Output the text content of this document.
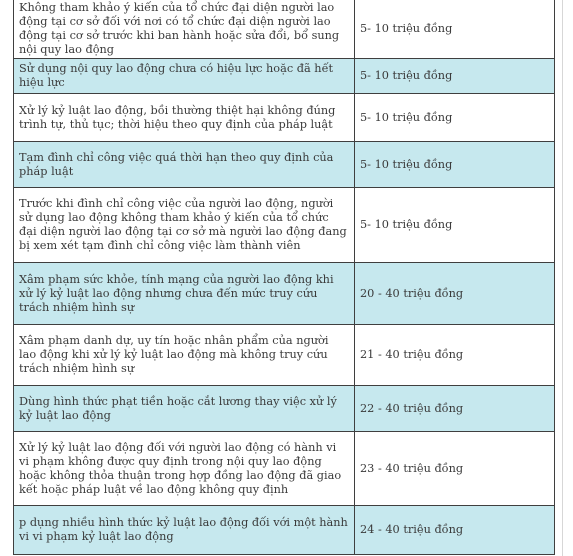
Không tham khảo ý kiến của tổ chức đại diện người lao động tại cơ sở đối với nơi có tổ chức đại diện người lao động tại cơ sở trước khi ban hành hoặc sửa đổi, bổ sung nội quy lao động	5- 10 triệu đồng
Sử dụng nội quy lao động chưa có hiệu lực hoặc đã hết hiệu lực	5- 10 triệu đồng
Xử lý kỷ luật lao động, bồi thường thiệt hại không đúng trình tự, thủ tục; thời hiệu theo quy định của pháp luật	5- 10 triệu đồng
Tạm đình chỉ công việc quá thời hạn theo quy định của pháp luật	5- 10 triệu đồng
Trước khi đình chỉ công việc của người lao động, người sử dụng lao động không tham khảo ý kiến của tổ chức đại diện người lao động tại cơ sở mà người lao động đang bị xem xét tạm đình chỉ công việc làm thành viên	5- 10 triệu đồng
Xâm phạm sức khỏe, tính mạng của người lao động khi xử lý kỷ luật lao động nhưng chưa đến mức truy cứu trách nhiệm hình sự	20 - 40 triệu đồng
Xâm phạm danh dự, uy tín hoặc nhân phẩm của người lao động khi xử lý kỷ luật lao động mà không truy cứu trách nhiệm hình sự	21 - 40 triệu đồng
Dùng hình thức phạt tiền hoặc cắt lương thay việc xử lý kỷ luật lao động	22 - 40 triệu đồng
Xử lý kỷ luật lao động đối với người lao động có hành vi vi phạm không được quy định trong nội quy lao động hoặc không thỏa thuận trong hợp đồng lao động đã giao kết hoặc pháp luật về lao động không quy định	23 - 40 triệu đồng
p dụng nhiều hình thức kỷ luật lao động đối với một hành vi vi phạm kỷ luật lao động	24 - 40 triệu đồng
